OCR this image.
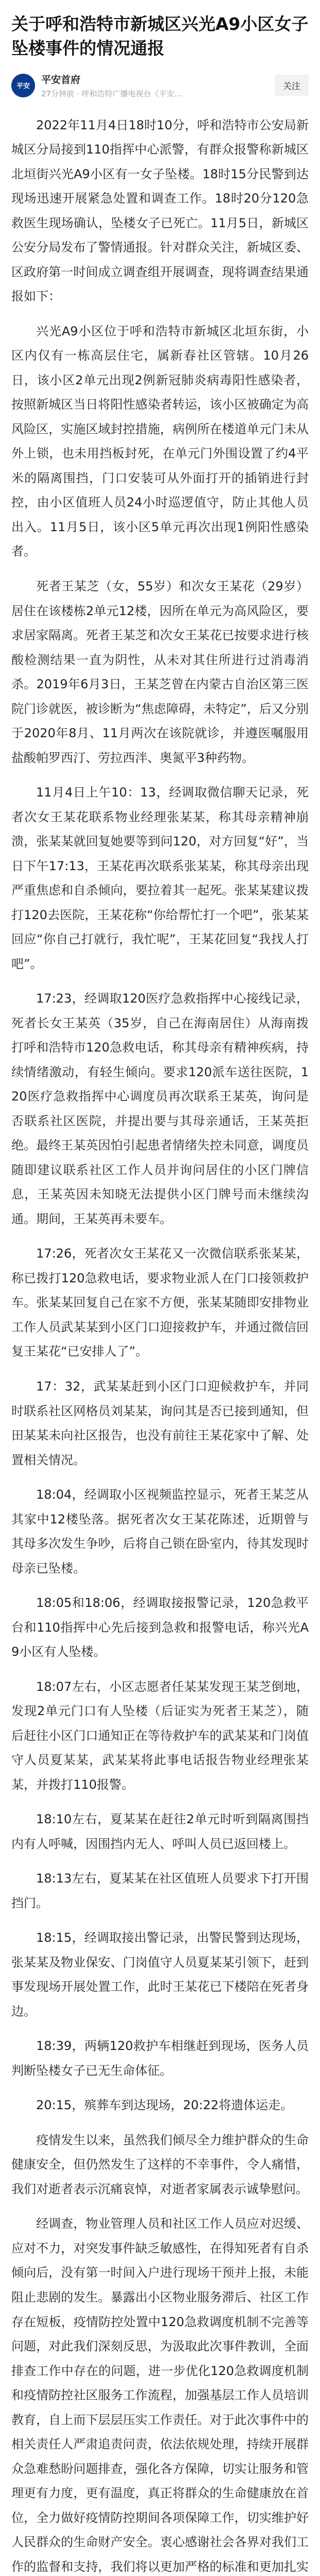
关于呼和浩特市新城区兴光A9小区女子坠楼事件的情况通报
平安
平安首府
27分钟前 · 呼和浩特广播电视台《平安…
关注

2022年11月4日18时10分，呼和浩特市公安局新城区分局接到110指挥中心派警，有群众报警称新城区北垣街兴光A9小区有一女子坠楼。18时15分民警到达现场迅速开展紧急处置和调查工作。18时20分120急救医生现场确认，坠楼女子已死亡。11月5日，新城区公安分局发布了警情通报。针对群众关注，新城区委、区政府第一时间成立调查组开展调查，现将调查结果通报如下：

兴光A9小区位于呼和浩特市新城区北垣东街，小区内仅有一栋高层住宅，属新春社区管辖。10月26日，该小区2单元出现2例新冠肺炎病毒阳性感染者，按照新城区当日将阳性感染者转运，该小区被确定为高风险区，实施区域封控措施，病例所在楼道单元门未从外上锁，也未用挡板封死，在单元门外围设置了约4平米的隔离围挡，门口安装可从外面打开的插销进行封控，由小区值班人员24小时巡逻值守，防止其他人员出入。11月5日，该小区5单元再次出现1例阳性感染者。

死者王某芝（女，55岁）和次女王某花（29岁）居住在该楼栋2单元12楼，因所在单元为高风险区，要求居家隔离。死者王某芝和次女王某花已按要求进行核酸检测结果一直为阴性，从未对其住所进行过消毒消杀。2019年6月3日，王某芝曾在内蒙古自治区第三医院门诊就医，被诊断为“焦虑障碍，未特定”，后又分别于2020年8月、11月两次在该院就诊，并遵医嘱服用盐酸帕罗西汀、劳拉西泮、奥氮平3种药物。

11月4日上午10：13，经调取微信聊天记录，死者次女王某花联系物业经理张某某，称其母亲精神崩溃，张某某就回复她要等到问120，对方回复“好”，当日下午17:13，王某花再次联系张某某，称其母亲出现严重焦虑和自杀倾向，要拉着其一起死。张某某建议拨打120去医院，王某花称“你给帮忙打一个吧”，张某某回应“你自己打就行，我忙呢”，王某花回复“我找人打吧”。

17:23，经调取120医疗急救指挥中心接线记录，死者长女王某英（35岁，自己在海南居住）从海南拨打呼和浩特市120急救电话，称其母亲有精神疾病，持续情绪激动，有轻生倾向。要求120派车送往医院，120医疗急救指挥中心调度员再次联系王某英，询问是否联系社区医院，并提出要与其母亲通话，王某英拒绝。最终王某英因怕引起患者情绪失控未同意，调度员随即建议联系社区工作人员并询问居住的小区门牌信息，王某英因未知晓无法提供小区门牌号而未继续沟通。期间，王某英再未要车。

17:26，死者次女王某花又一次微信联系张某某，称已拨打120急救电话，要求物业派人在门口接领救护车。张某某回复自己在家不方便，张某某随即安排物业工作人员武某某到小区门口迎接救护车，并通过微信回复王某花“已安排人了”。

17：32，武某某赶到小区门口迎候救护车，并同时联系社区网格员刘某某，询问其是否已接到通知，但田某某未向社区报告，也没有前往王某花家中了解、处置相关情况。

18:04，经调取小区视频监控显示，死者王某芝从其家中12楼坠落。据死者次女王某花陈述，近期曾与其母多次发生争吵，后将自己锁在卧室内，待其发现时母亲已坠楼。

18:05和18:06，经调取接报警记录，120急救平台和110指挥中心先后接到急救和报警电话，称兴光A9小区有人坠楼。

18:07左右，小区志愿者任某某发现王某芝倒地，发现2单元门口有人坠楼（后证实为死者王某芝），随后赶往小区门口通知正在等待救护车的武某某和门岗值守人员夏某某，武某某将此事电话报告物业经理张某某，并拨打110报警。

18:10左右，夏某某在赶往2单元时听到隔离围挡内有人呼喊，因围挡内无人、呼叫人员已返回楼上。

18:13左右，夏某某在社区值班人员要求下打开围挡门。

18:15，经调取接出警记录，出警民警到达现场，张某某及物业保安、门岗值守人员夏某某引领下，赶到事发现场开展处置工作，此时王某花已下楼陪在死者身边。

18:39，两辆120救护车相继赶到现场，医务人员判断坠楼女子已无生命体征。

20:15，殡葬车到达现场，20:22将遗体运走。

疫情发生以来，虽然我们倾尽全力维护群众的生命健康安全，但仍然发生了这样的不幸事件，令人痛惜，我们对逝者表示沉痛哀悼，对逝者家属表示诚挚慰问。

经调查，物业管理人员和社区工作人员应对迟缓、应对不力，对突发事件缺乏敏感性，在得知死者有自杀倾向后，没有第一时间入户进行现场干预并上报，未能阻止悲剧的发生。暴露出小区物业服务滞后、社区工作存在短板，疫情防控处置中120急救调度机制不完善等问题，对此我们深刻反思，为汲取此次事件教训，全面排查工作中存在的问题，进一步优化120急救调度机制和疫情防控社区服务工作流程，加强基层工作人员培训教育，自上而下层层压实工作责任。对于此次事件中的相关责任人严肃追责问责，依法依规处理，持续开展群众急难愁盼问题排查，强化各方保障，切实让服务和管理更有力度，更有温度，真正将群众的生命健康放在首位，全力做好疫情防控期间各项保障工作，切实维护好人民群众的生命财产安全。衷心感谢社会各界对我们工作的监督和支持，我们将以更加严格的标准和更加扎实
